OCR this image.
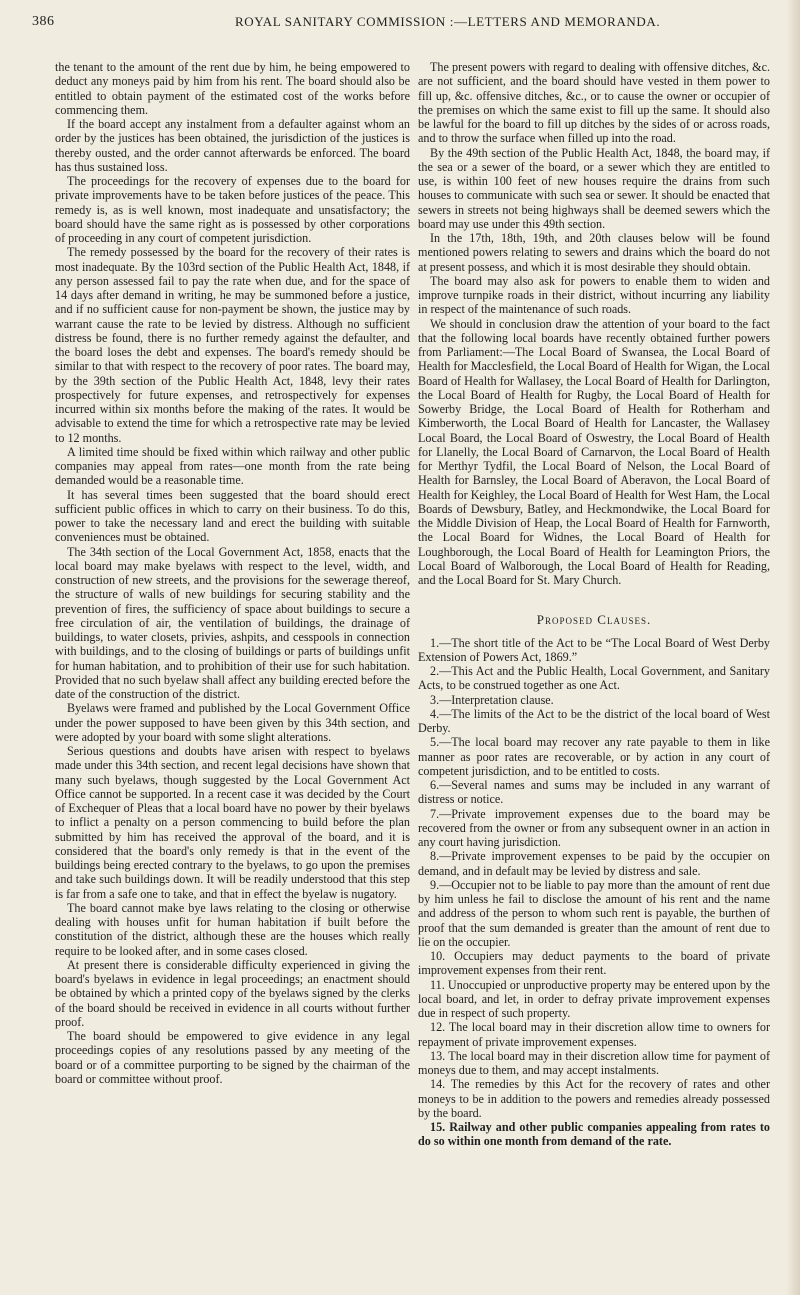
386	ROYAL SANITARY COMMISSION :—LETTERS AND MEMORANDA.

the tenant to the amount of the rent due by him, he being empowered to deduct any moneys paid by him from his rent. The board should also be entitled to obtain payment of the estimated cost of the works before commencing them.

If the board accept any instalment from a defaulter against whom an order by the justices has been obtained, the jurisdiction of the justices is thereby ousted, and the order cannot afterwards be enforced. The board has thus sustained loss.

The proceedings for the recovery of expenses due to the board for private improvements have to be taken before justices of the peace. This remedy is, as is well known, most inadequate and unsatisfactory; the board should have the same right as is possessed by other corporations of proceeding in any court of competent jurisdiction.

The remedy possessed by the board for the recovery of their rates is most inadequate. By the 103rd section of the Public Health Act, 1848, if any person assessed fail to pay the rate when due, and for the space of 14 days after demand in writing, he may be summoned before a justice, and if no sufficient cause for non-payment be shown, the justice may by warrant cause the rate to be levied by distress. Although no sufficient distress be found, there is no further remedy against the defaulter, and the board loses the debt and expenses. The board's remedy should be similar to that with respect to the recovery of poor rates. The board may, by the 39th section of the Public Health Act, 1848, levy their rates prospectively for future expenses, and retrospectively for expenses incurred within six months before the making of the rates. It would be advisable to extend the time for which a retrospective rate may be levied to 12 months.

A limited time should be fixed within which railway and other public companies may appeal from rates—one month from the rate being demanded would be a reasonable time.

It has several times been suggested that the board should erect sufficient public offices in which to carry on their business. To do this, power to take the necessary land and erect the building with suitable conveniences must be obtained.

The 34th section of the Local Government Act, 1858, enacts that the local board may make byelaws with respect to the level, width, and construction of new streets, and the provisions for the sewerage thereof, the structure of walls of new buildings for securing stability and the prevention of fires, the sufficiency of space about buildings to secure a free circulation of air, the ventilation of buildings, the drainage of buildings, to water closets, privies, ashpits, and cesspools in connection with buildings, and to the closing of buildings or parts of buildings unfit for human habitation, and to prohibition of their use for such habitation. Provided that no such byelaw shall affect any building erected before the date of the construction of the district.

Byelaws were framed and published by the Local Government Office under the power supposed to have been given by this 34th section, and were adopted by your board with some slight alterations.

Serious questions and doubts have arisen with respect to byelaws made under this 34th section, and recent legal decisions have shown that many such byelaws, though suggested by the Local Government Act Office cannot be supported. In a recent case it was decided by the Court of Exchequer of Pleas that a local board have no power by their byelaws to inflict a penalty on a person commencing to build before the plan submitted by him has received the approval of the board, and it is considered that the board's only remedy is that in the event of the buildings being erected contrary to the byelaws, to go upon the premises and take such buildings down. It will be readily understood that this step is far from a safe one to take, and that in effect the byelaw is nugatory.

The board cannot make bye laws relating to the closing or otherwise dealing with houses unfit for human habitation if built before the constitution of the district, although these are the houses which really require to be looked after, and in some cases closed.

At present there is considerable difficulty experienced in giving the board's byelaws in evidence in legal proceedings; an enactment should be obtained by which a printed copy of the byelaws signed by the clerks of the board should be received in evidence in all courts without further proof.

The board should be empowered to give evidence in any legal proceedings copies of any resolutions passed by any meeting of the board or of a committee purporting to be signed by the chairman of the board or committee without proof.

The present powers with regard to dealing with offensive ditches, &c. are not sufficient, and the board should have vested in them power to fill up, &c. offensive ditches, &c., or to cause the owner or occupier of the premises on which the same exist to fill up the same. It should also be lawful for the board to fill up ditches by the sides of or across roads, and to throw the surface when filled up into the road.

By the 49th section of the Public Health Act, 1848, the board may, if the sea or a sewer of the board, or a sewer which they are entitled to use, is within 100 feet of new houses require the drains from such houses to communicate with such sea or sewer. It should be enacted that sewers in streets not being highways shall be deemed sewers which the board may use under this 49th section.

In the 17th, 18th, 19th, and 20th clauses below will be found mentioned powers relating to sewers and drains which the board do not at present possess, and which it is most desirable they should obtain.

The board may also ask for powers to enable them to widen and improve turnpike roads in their district, without incurring any liability in respect of the maintenance of such roads.

We should in conclusion draw the attention of your board to the fact that the following local boards have recently obtained further powers from Parliament:—The Local Board of Swansea, the Local Board of Health for Macclesfield, the Local Board of Health for Wigan, the Local Board of Health for Wallasey, the Local Board of Health for Darlington, the Local Board of Health for Rugby, the Local Board of Health for Sowerby Bridge, the Local Board of Health for Rotherham and Kimberworth, the Local Board of Health for Lancaster, the Wallasey Local Board, the Local Board of Oswestry, the Local Board of Health for Llanelly, the Local Board of Carnarvon, the Local Board of Health for Merthyr Tydfil, the Local Board of Nelson, the Local Board of Health for Barnsley, the Local Board of Aberavon, the Local Board of Health for Keighley, the Local Board of Health for West Ham, the Local Boards of Dewsbury, Batley, and Heckmondwike, the Local Board for the Middle Division of Heap, the Local Board of Health for Farnworth, the Local Board for Widnes, the Local Board of Health for Loughborough, the Local Board of Health for Leamington Priors, the Local Board of Walborough, the Local Board of Health for Reading, and the Local Board for St. Mary Church.

Proposed Clauses.

1.—The short title of the Act to be “The Local Board of West Derby Extension of Powers Act, 1869.”

2.—This Act and the Public Health, Local Government, and Sanitary Acts, to be construed together as one Act.

3.—Interpretation clause.

4.—The limits of the Act to be the district of the local board of West Derby.

5.—The local board may recover any rate payable to them in like manner as poor rates are recoverable, or by action in any court of competent jurisdiction, and to be entitled to costs.

6.—Several names and sums may be included in any warrant of distress or notice.

7.—Private improvement expenses due to the board may be recovered from the owner or from any subsequent owner in an action in any court having jurisdiction.

8.—Private improvement expenses to be paid by the occupier on demand, and in default may be levied by distress and sale.

9.—Occupier not to be liable to pay more than the amount of rent due by him unless he fail to disclose the amount of his rent and the name and address of the person to whom such rent is payable, the burthen of proof that the sum demanded is greater than the amount of rent due to lie on the occupier.

10. Occupiers may deduct payments to the board of private improvement expenses from their rent.

11. Unoccupied or unproductive property may be entered upon by the local board, and let, in order to defray private improvement expenses due in respect of such property.

12. The local board may in their discretion allow time to owners for repayment of private improvement expenses.

13. The local board may in their discretion allow time for payment of moneys due to them, and may accept instalments.

14. The remedies by this Act for the recovery of rates and other moneys to be in addition to the powers and remedies already possessed by the board.

15. Railway and other public companies appealing from rates to do so within one month from demand of the rate.
